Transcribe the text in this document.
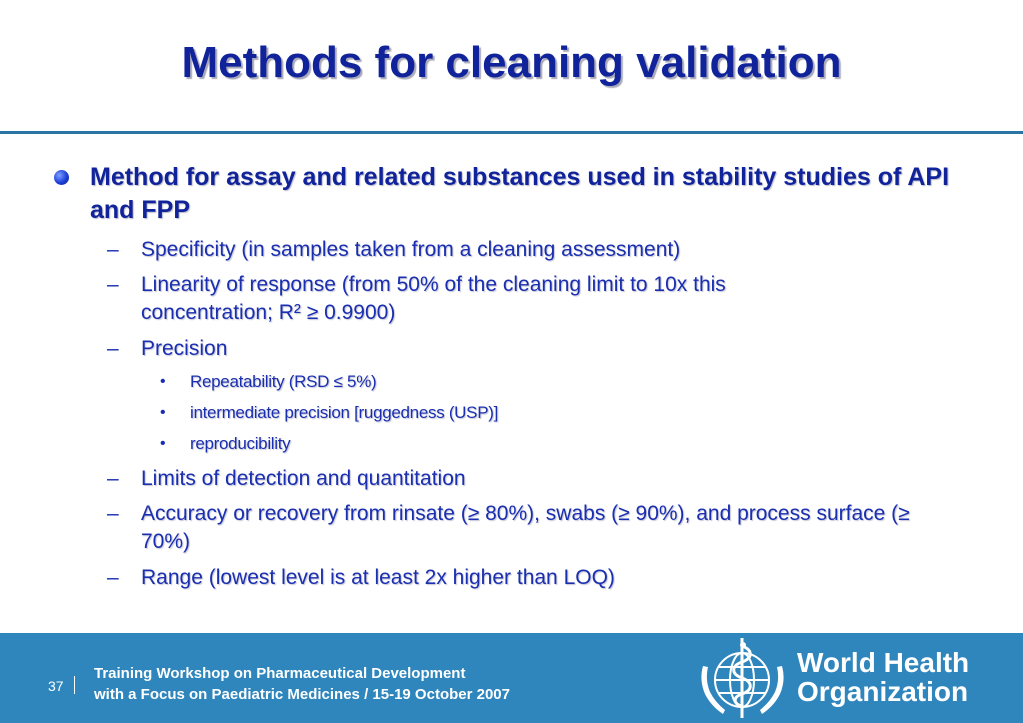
Methods for cleaning validation
Method for assay and related substances used in stability studies of API and FPP
– Specificity (in samples taken from a cleaning assessment)
– Linearity of response (from 50% of the cleaning limit to 10x this concentration; R² ≥ 0.9900)
– Precision
• Repeatability (RSD ≤ 5%)
• intermediate precision [ruggedness (USP)]
• reproducibility
– Limits of detection and quantitation
– Accuracy or recovery from rinsate (≥ 80%), swabs (≥ 90%), and process surface (≥ 70%)
– Range (lowest level is at least 2x higher than LOQ)
37
Training Workshop on Pharmaceutical Development
with a Focus on Paediatric Medicines / 15-19 October 2007
World Health
Organization
